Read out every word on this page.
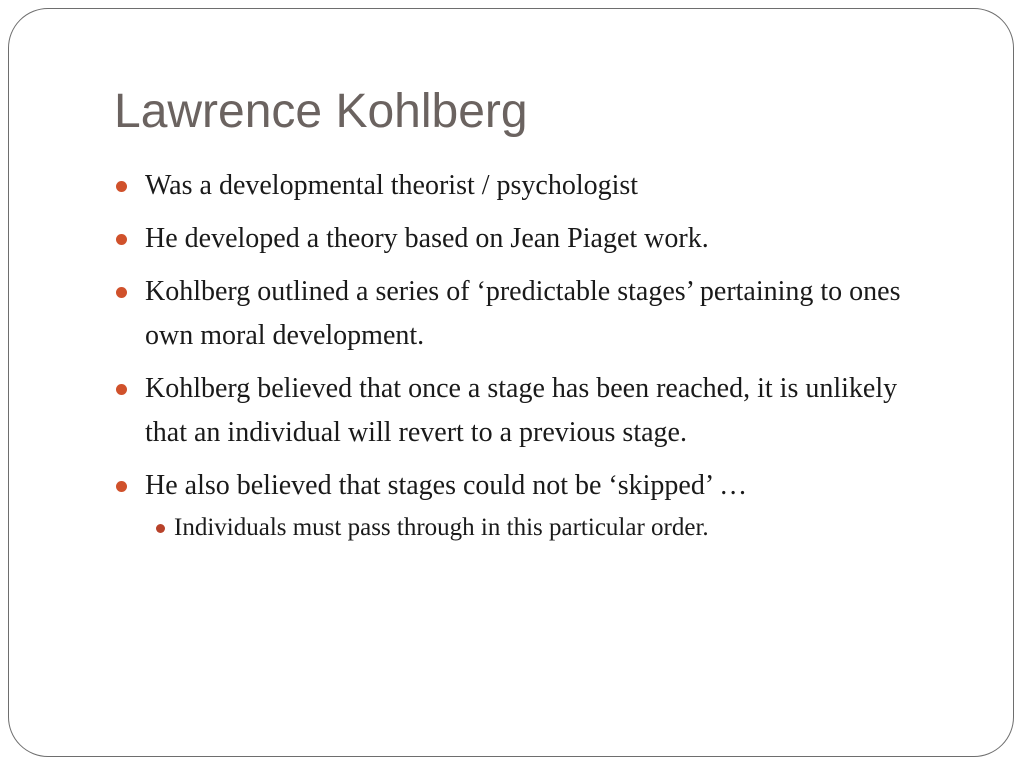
Lawrence Kohlberg
Was a developmental theorist / psychologist
He developed a theory based on Jean Piaget work.
Kohlberg outlined a series of ‘predictable stages’ pertaining to ones own moral development.
Kohlberg believed that once a stage has been reached, it is unlikely that an individual will revert to a previous stage.
He also believed that stages could not be ‘skipped’ …
Individuals must pass through in this particular order.
